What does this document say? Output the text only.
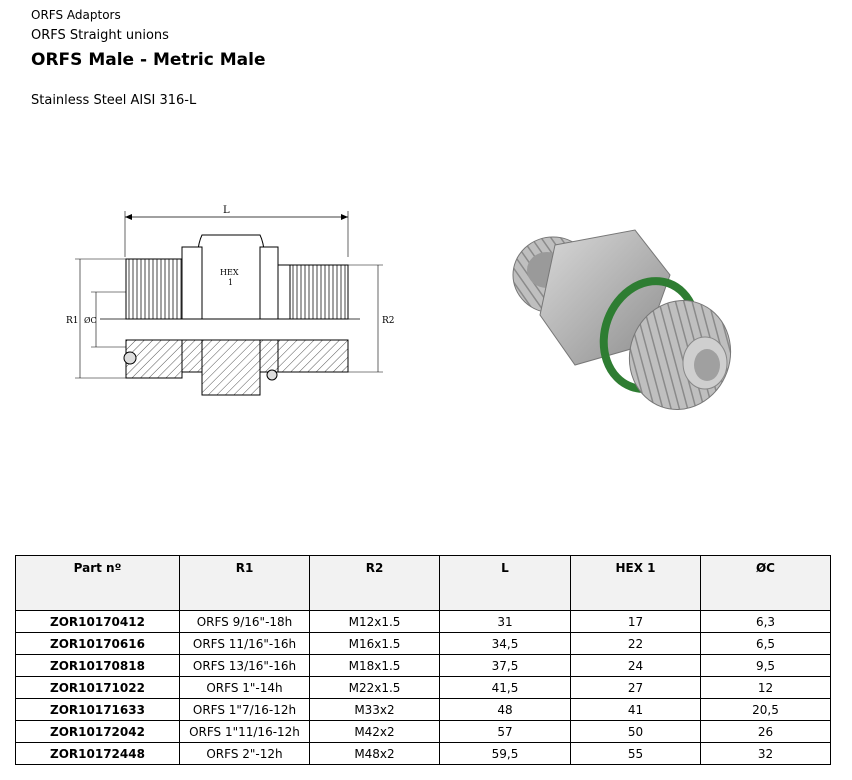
ORFS Adaptors
ORFS Straight unions
ORFS Male - Metric Male
Stainless Steel AISI 316-L
L
HEX
1
R1 ØC	R2
Part nº	R1	R2	L	HEX 1	ØC
ZOR10170412	ORFS 9/16"-18h	M12x1.5	31	17	6,3
ZOR10170616	ORFS 11/16"-16h	M16x1.5	34,5	22	6,5
ZOR10170818	ORFS 13/16"-16h	M18x1.5	37,5	24	9,5
ZOR10171022	ORFS 1"-14h	M22x1.5	41,5	27	12
ZOR10171633	ORFS 1"7/16-12h	M33x2	48	41	20,5
ZOR10172042	ORFS 1"11/16-12h	M42x2	57	50	26
ZOR10172448	ORFS 2"-12h	M48x2	59,5	55	32
